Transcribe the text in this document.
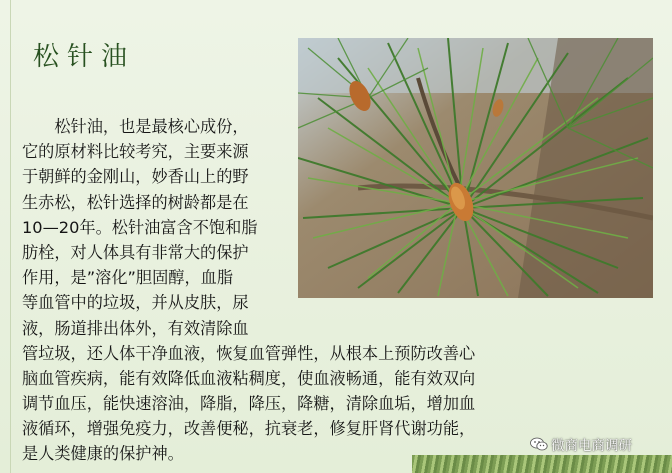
松针油
　　松针油，也是最核心成份，
它的原材料比较考究，主要来源
于朝鲜的金刚山，妙香山上的野
生赤松，松针选择的树龄都是在
10—20年。松针油富含不饱和脂
肪栓，对人体具有非常大的保护
作用，是”溶化”胆固醇，血脂
等血管中的垃圾，并从皮肤，尿
液，肠道排出体外，有效清除血
管垃圾，还人体干净血液，恢复血管弹性，从根本上预防改善心
脑血管疾病，能有效降低血液粘稠度，使血液畅通，能有效双向
调节血压，能快速溶油，降脂，降压，降糖，清除血垢，增加血
液循环，增强免疫力，改善便秘，抗衰老，修复肝肾代谢功能，
是人类健康的保护神。	微商电商调研
